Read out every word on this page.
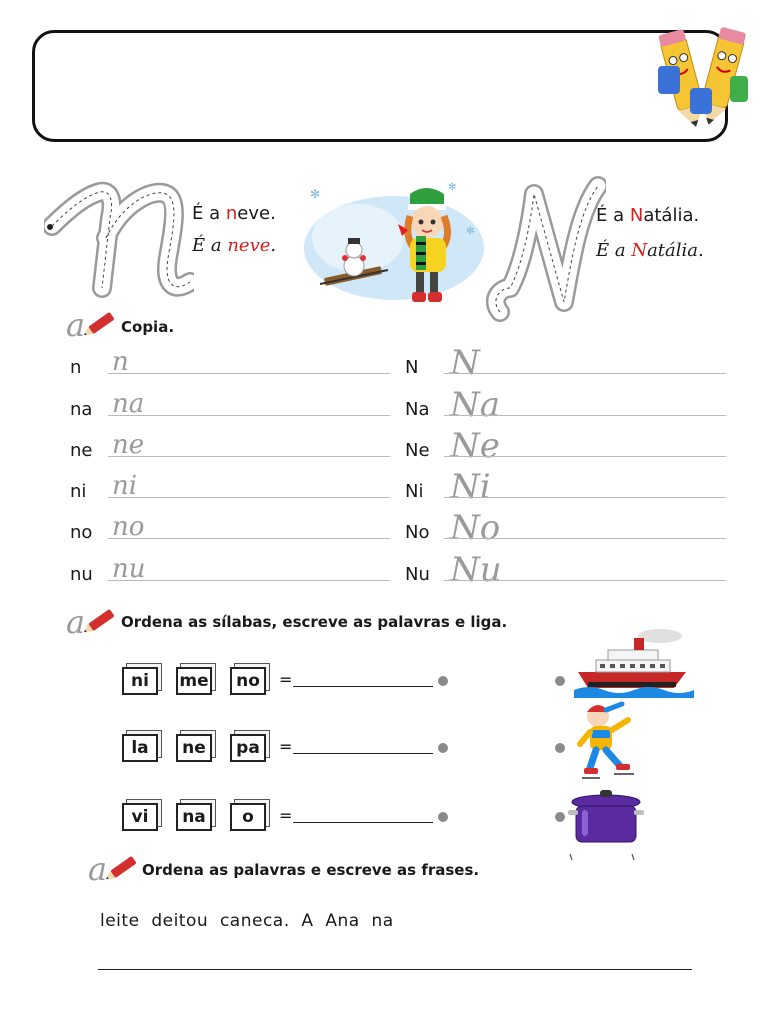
É a neve.
É a neve.
✻	✻
✻
É a Natália.
É a Natália.
a Copia.
n n	N N
na na	Na Na
ne ne	Ne Ne
ni ni	Ni Ni
no no	No No
nu nu	Nu Nu
a Ordena as sílabas, escreve as palavras e liga.
ni	me	no	=
la	ne	pa	=
vi	na	o	=
a Ordena as palavras e escreve as frases.
leite  deitou  caneca.  A  Ana  na
